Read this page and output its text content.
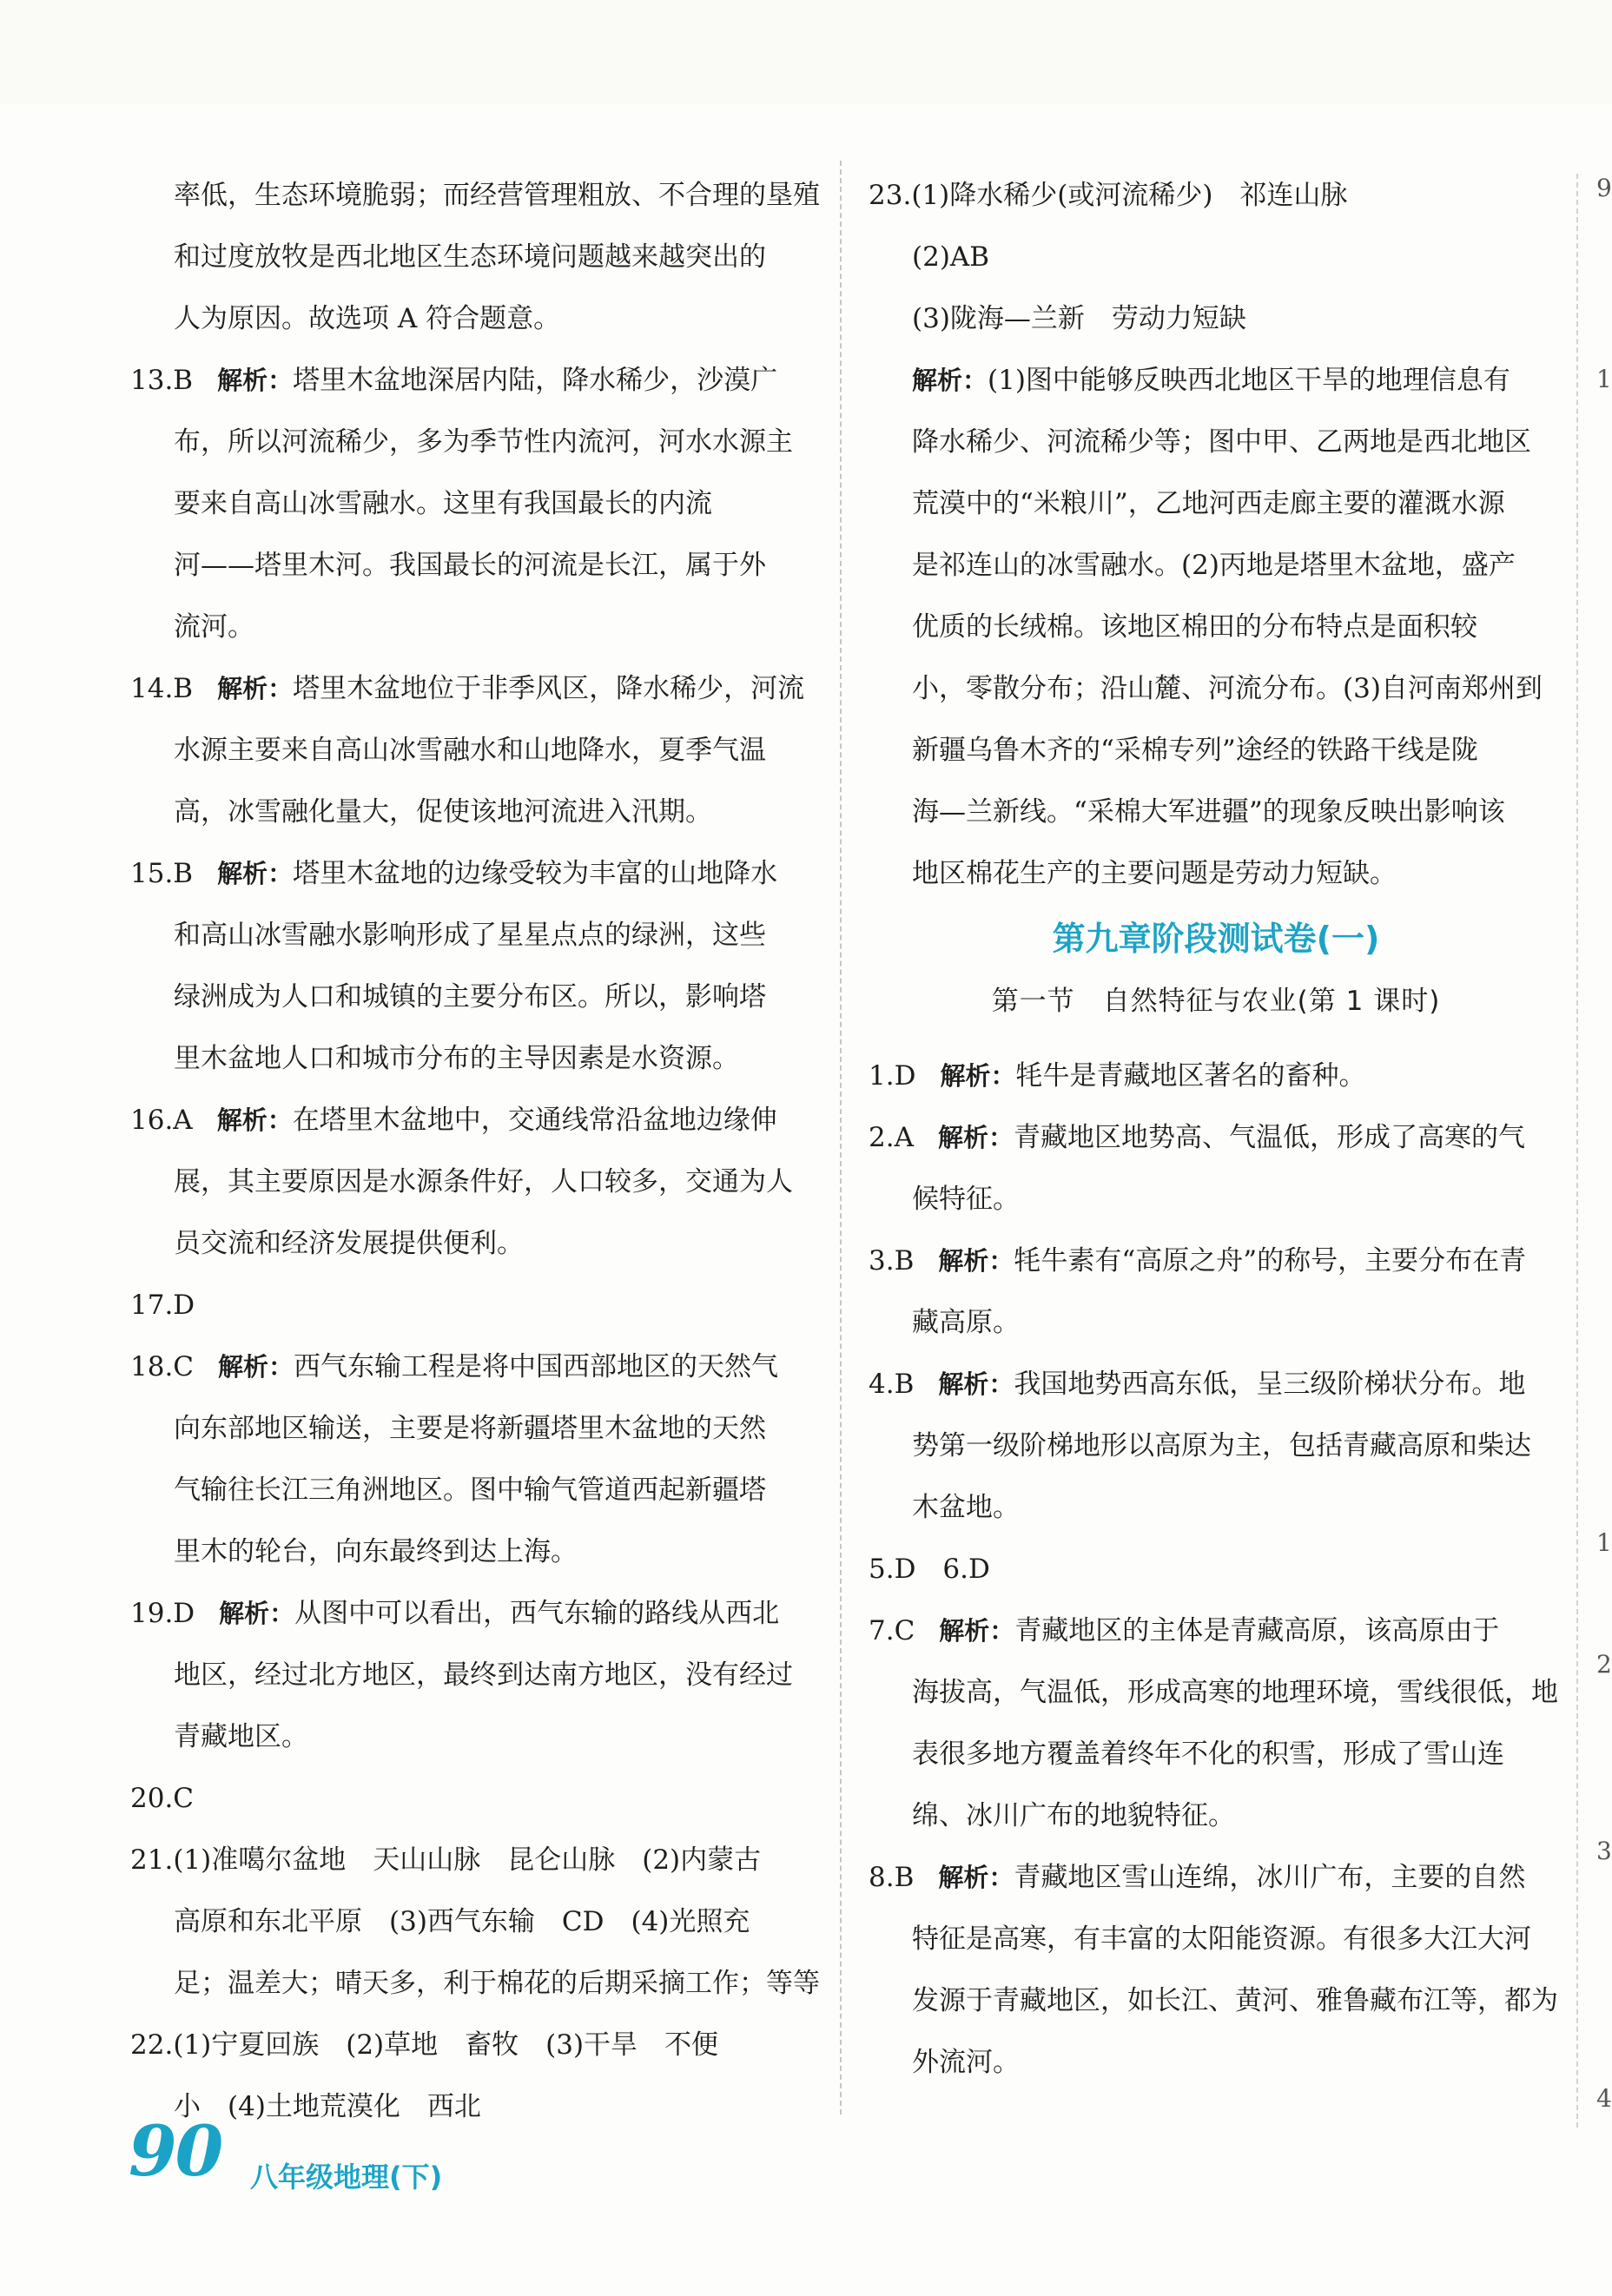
率低，生态环境脆弱；而经营管理粗放、不合理的垦殖
和过度放牧是西北地区生态环境问题越来越突出的
人为原因。故选项 A 符合题意。
13.B 解析：塔里木盆地深居内陆，降水稀少，沙漠广
布，所以河流稀少，多为季节性内流河，河水水源主
要来自高山冰雪融水。这里有我国最长的内流
河——塔里木河。我国最长的河流是长江，属于外
流河。
14.B 解析：塔里木盆地位于非季风区，降水稀少，河流
水源主要来自高山冰雪融水和山地降水，夏季气温
高，冰雪融化量大，促使该地河流进入汛期。
15.B 解析：塔里木盆地的边缘受较为丰富的山地降水
和高山冰雪融水影响形成了星星点点的绿洲，这些
绿洲成为人口和城镇的主要分布区。所以，影响塔
里木盆地人口和城市分布的主导因素是水资源。
16.A 解析：在塔里木盆地中，交通线常沿盆地边缘伸
展，其主要原因是水源条件好，人口较多，交通为人
员交流和经济发展提供便利。
17.D
18.C 解析：西气东输工程是将中国西部地区的天然气
向东部地区输送，主要是将新疆塔里木盆地的天然
气输往长江三角洲地区。图中输气管道西起新疆塔
里木的轮台，向东最终到达上海。
19.D 解析：从图中可以看出，西气东输的路线从西北
地区，经过北方地区，最终到达南方地区，没有经过
青藏地区。
20.C
21.(1)准噶尔盆地　天山山脉　昆仑山脉　(2)内蒙古
高原和东北平原　(3)西气东输　CD　(4)光照充
足；温差大；晴天多，利于棉花的后期采摘工作；等等
22.(1)宁夏回族　(2)草地　畜牧　(3)干旱　不便
小　(4)土地荒漠化　西北
23.(1)降水稀少(或河流稀少)　祁连山脉
(2)AB
(3)陇海—兰新　劳动力短缺
解析：(1)图中能够反映西北地区干旱的地理信息有
降水稀少、河流稀少等；图中甲、乙两地是西北地区
荒漠中的“米粮川”，乙地河西走廊主要的灌溉水源
是祁连山的冰雪融水。(2)丙地是塔里木盆地，盛产
优质的长绒棉。该地区棉田的分布特点是面积较
小，零散分布；沿山麓、河流分布。(3)自河南郑州到
新疆乌鲁木齐的“采棉专列”途经的铁路干线是陇
海—兰新线。“采棉大军进疆”的现象反映出影响该
地区棉花生产的主要问题是劳动力短缺。
第九章阶段测试卷(一)
第一节　自然特征与农业(第 1 课时)
1.D 解析：牦牛是青藏地区著名的畜种。
2.A 解析：青藏地区地势高、气温低，形成了高寒的气
候特征。
3.B 解析：牦牛素有“高原之舟”的称号，主要分布在青
藏高原。
4.B 解析：我国地势西高东低，呈三级阶梯状分布。地
势第一级阶梯地形以高原为主，包括青藏高原和柴达
木盆地。
5.D　6.D
7.C 解析：青藏地区的主体是青藏高原，该高原由于
海拔高，气温低，形成高寒的地理环境，雪线很低，地
表很多地方覆盖着终年不化的积雪，形成了雪山连
绵、冰川广布的地貌特征。
8.B 解析：青藏地区雪山连绵，冰川广布，主要的自然
特征是高寒，有丰富的太阳能资源。有很多大江大河
发源于青藏地区，如长江、黄河、雅鲁藏布江等，都为
外流河。
9
1
1
2
3
4
90 八年级地理(下)
